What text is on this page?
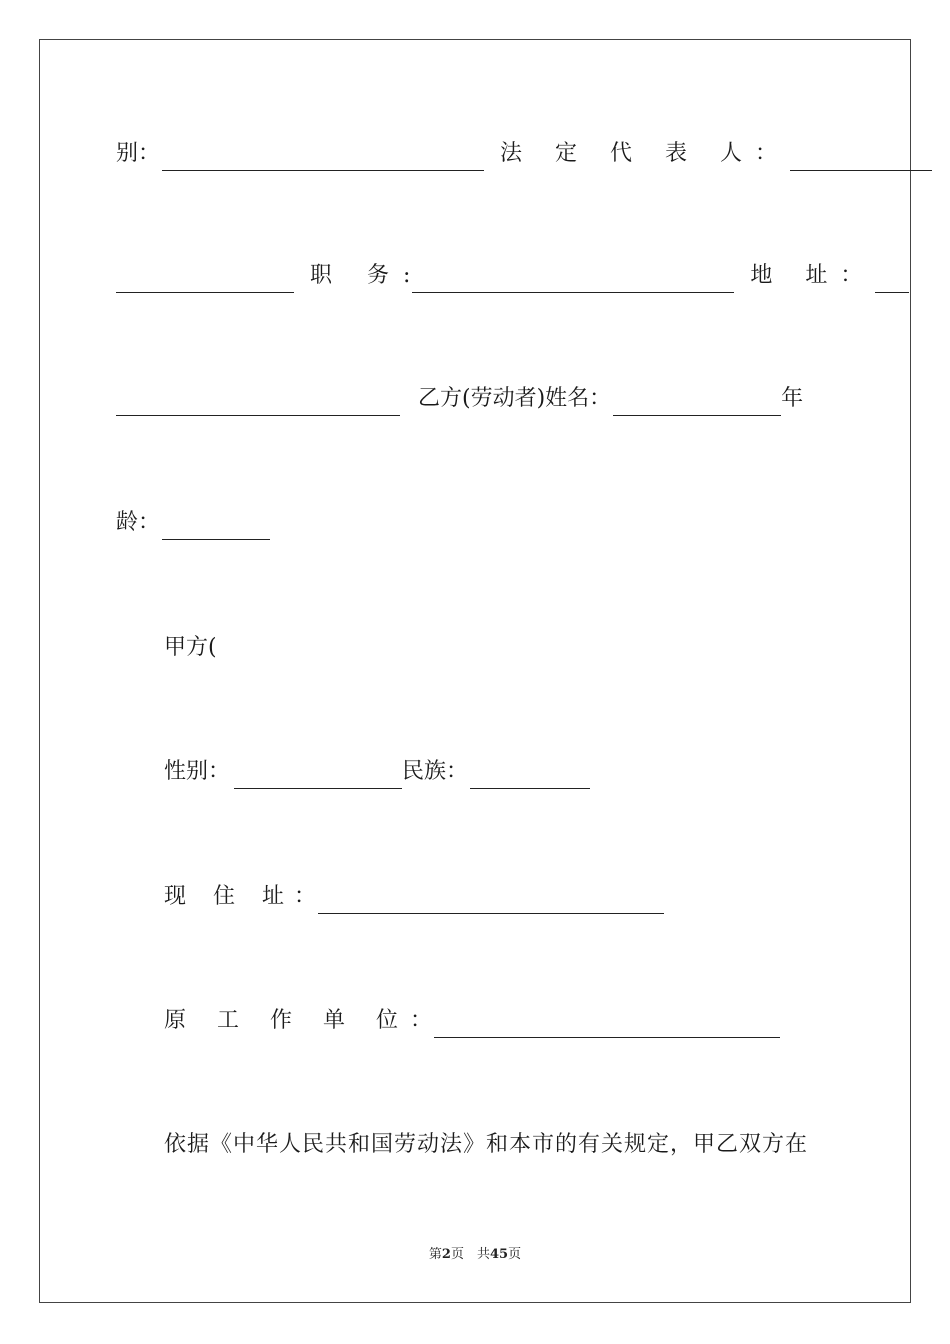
别：	法 定 代 表 人：
职 务:	地 址：
乙方(劳动者)姓名：	年
龄：
甲方(
性别：	民族：
现 住 址：
原 工 作 单 位：
依据《中华人民共和国劳动法》和本市的有关规定，甲乙双方在
第2页　共45页
